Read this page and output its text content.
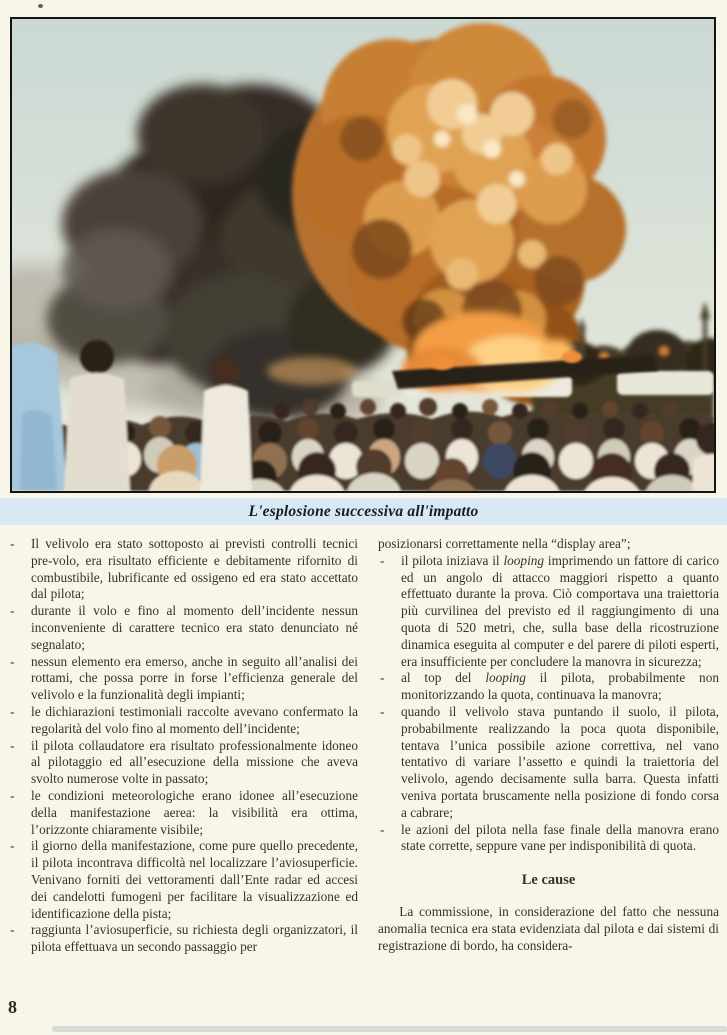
L'esplosione successiva all'impatto

- Il velivolo era stato sottoposto ai previsti controlli tecnici pre-volo, era risultato efficiente e debitamente rifornito di combustibile, lubrificante ed ossigeno ed era stato accettato dal pilota;

- durante il volo e fino al momento dell’incidente nessun inconveniente di carattere tecnico era stato denunciato né segnalato;

- nessun elemento era emerso, anche in seguito all’analisi dei rottami, che possa porre in forse l’efficienza generale del velivolo e la funzionalità degli impianti;

- le dichiarazioni testimoniali raccolte avevano confermato la regolarità del volo fino al momento dell’incidente;

- il pilota collaudatore era risultato professionalmente idoneo al pilotaggio ed all’esecuzione della missione che aveva svolto numerose volte in passato;

- le condizioni meteorologiche erano idonee all’esecuzione della manifestazione aerea: la visibilità era ottima, l’orizzonte chiaramente visibile;

- il giorno della manifestazione, come pure quello precedente, il pilota incontrava difficoltà nel localizzare l’aviosuperficie. Venivano forniti dei vettoramenti dall’Ente radar ed accesi dei candelotti fumogeni per facilitare la visualizzazione ed identificazione della pista;

- raggiunta l’aviosuperficie, su richiesta degli organizzatori, il pilota effettuava un secondo passaggio per

posizionarsi correttamente nella “display area”;

- il pilota iniziava il looping imprimendo un fattore di carico ed un angolo di attacco maggiori rispetto a quanto effettuato durante la prova. Ciò comportava una traiettoria più curvilinea del previsto ed il raggiungimento di una quota di 520 metri, che, sulla base della ricostruzione dinamica eseguita al computer e del parere di piloti esperti, era insufficiente per concludere la manovra in sicurezza;

- al top del looping il pilota, probabilmente non monitorizzando la quota, continuava la manovra;

- quando il velivolo stava puntando il suolo, il pilota, probabilmente realizzando la poca quota disponibile, tentava l’unica possibile azione correttiva, nel vano tentativo di variare l’assetto e quindi la traiettoria del velivolo, agendo decisamente sulla barra. Questa infatti veniva portata bruscamente nella posizione di fondo corsa a cabrare;

- le azioni del pilota nella fase finale della manovra erano state corrette, seppure vane per indisponibilità di quota.

Le cause

La commissione, in considerazione del fatto che nessuna anomalia tecnica era stata evidenziata dal pilota e dai sistemi di registrazione di bordo, ha considera-

8
